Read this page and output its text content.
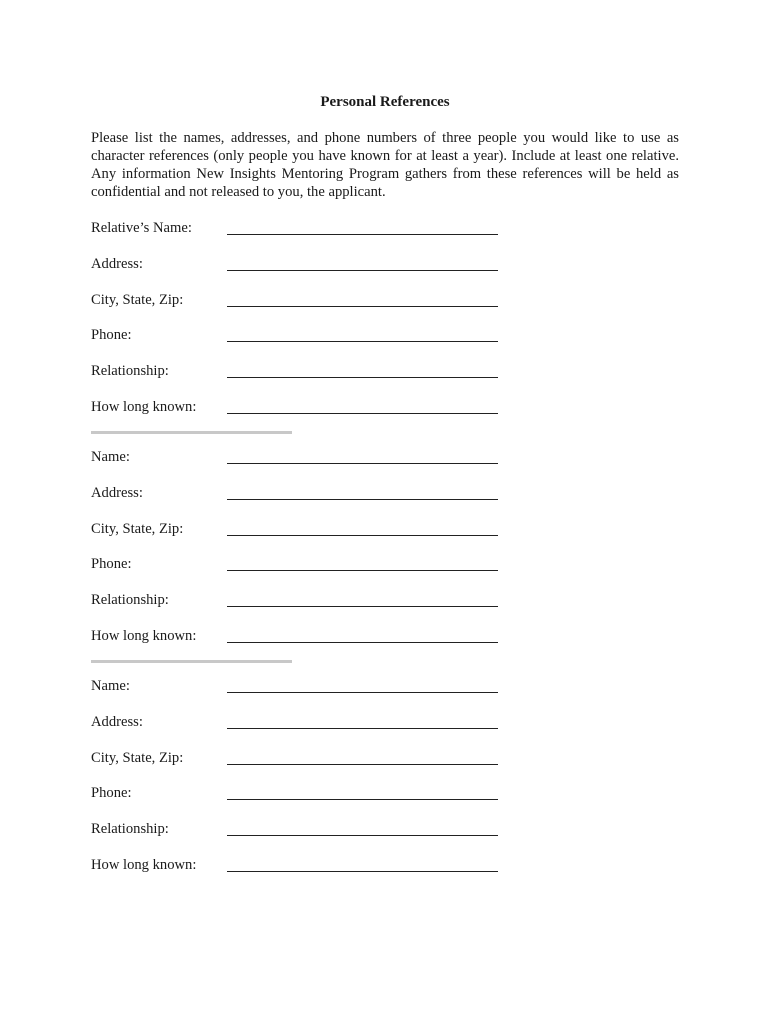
Personal References
Please list the names, addresses, and phone numbers of three people you would like to use as character references (only people you have known for at least a year). Include at least one relative. Any information New Insights Mentoring Program gathers from these references will be held as confidential and not released to you, the applicant.
Relative’s Name:
Address:
City, State, Zip:
Phone:
Relationship:
How long known:
Name:
Address:
City, State, Zip:
Phone:
Relationship:
How long known:
Name:
Address:
City, State, Zip:
Phone:
Relationship:
How long known:
